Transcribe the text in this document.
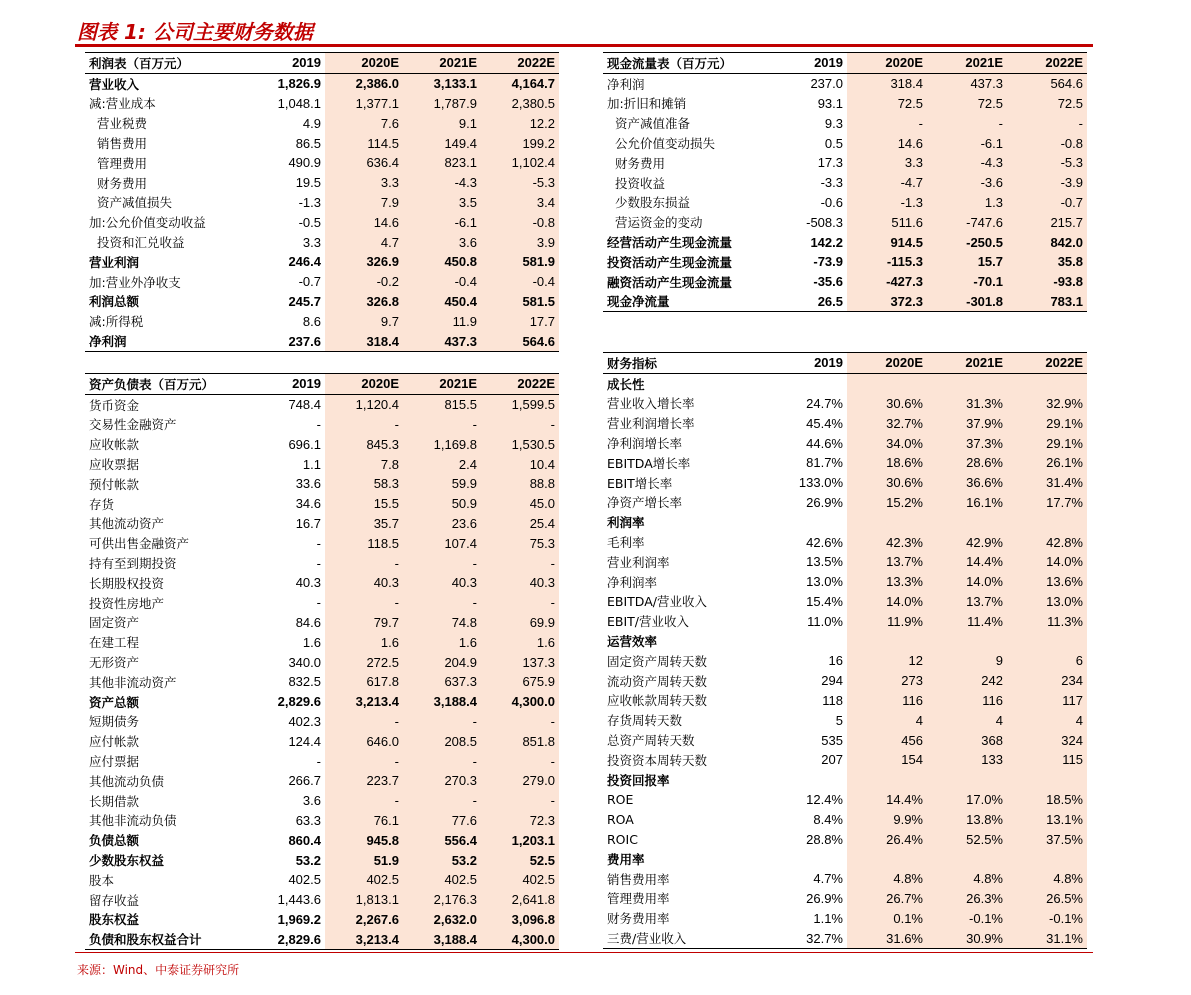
图表 1: 公司主要财务数据
利润表（百万元）	2019	2020E	2021E	2022E
营业收入	1,826.9	2,386.0	3,133.1	4,164.7
减:营业成本	1,048.1	1,377.1	1,787.9	2,380.5
营业税费	4.9	7.6	9.1	12.2
销售费用	86.5	114.5	149.4	199.2
管理费用	490.9	636.4	823.1	1,102.4
财务费用	19.5	3.3	-4.3	-5.3
资产减值损失	-1.3	7.9	3.5	3.4
加:公允价值变动收益	-0.5	14.6	-6.1	-0.8
投资和汇兑收益	3.3	4.7	3.6	3.9
营业利润	246.4	326.9	450.8	581.9
加:营业外净收支	-0.7	-0.2	-0.4	-0.4
利润总额	245.7	326.8	450.4	581.5
减:所得税	8.6	9.7	11.9	17.7
净利润	237.6	318.4	437.3	564.6
资产负债表（百万元）	2019	2020E	2021E	2022E
货币资金	748.4	1,120.4	815.5	1,599.5
交易性金融资产	-	-	-	-
应收帐款	696.1	845.3	1,169.8	1,530.5
应收票据	1.1	7.8	2.4	10.4
预付帐款	33.6	58.3	59.9	88.8
存货	34.6	15.5	50.9	45.0
其他流动资产	16.7	35.7	23.6	25.4
可供出售金融资产	-	118.5	107.4	75.3
持有至到期投资	-	-	-	-
长期股权投资	40.3	40.3	40.3	40.3
投资性房地产	-	-	-	-
固定资产	84.6	79.7	74.8	69.9
在建工程	1.6	1.6	1.6	1.6
无形资产	340.0	272.5	204.9	137.3
其他非流动资产	832.5	617.8	637.3	675.9
资产总额	2,829.6	3,213.4	3,188.4	4,300.0
短期债务	402.3	-	-	-
应付帐款	124.4	646.0	208.5	851.8
应付票据	-	-	-	-
其他流动负债	266.7	223.7	270.3	279.0
长期借款	3.6	-	-	-
其他非流动负债	63.3	76.1	77.6	72.3
负债总额	860.4	945.8	556.4	1,203.1
少数股东权益	53.2	51.9	53.2	52.5
股本	402.5	402.5	402.5	402.5
留存收益	1,443.6	1,813.1	2,176.3	2,641.8
股东权益	1,969.2	2,267.6	2,632.0	3,096.8
负债和股东权益合计	2,829.6	3,213.4	3,188.4	4,300.0
现金流量表（百万元）	2019	2020E	2021E	2022E
净利润	237.0	318.4	437.3	564.6
加:折旧和摊销	93.1	72.5	72.5	72.5
资产减值准备	9.3	-	-	-
公允价值变动损失	0.5	14.6	-6.1	-0.8
财务费用	17.3	3.3	-4.3	-5.3
投资收益	-3.3	-4.7	-3.6	-3.9
少数股东损益	-0.6	-1.3	1.3	-0.7
营运资金的变动	-508.3	511.6	-747.6	215.7
经营活动产生现金流量	142.2	914.5	-250.5	842.0
投资活动产生现金流量	-73.9	-115.3	15.7	35.8
融资活动产生现金流量	-35.6	-427.3	-70.1	-93.8
现金净流量	26.5	372.3	-301.8	783.1
财务指标	2019	2020E	2021E	2022E
成长性				
营业收入增长率	24.7%	30.6%	31.3%	32.9%
营业利润增长率	45.4%	32.7%	37.9%	29.1%
净利润增长率	44.6%	34.0%	37.3%	29.1%
EBITDA增长率	81.7%	18.6%	28.6%	26.1%
EBIT增长率	133.0%	30.6%	36.6%	31.4%
净资产增长率	26.9%	15.2%	16.1%	17.7%
利润率				
毛利率	42.6%	42.3%	42.9%	42.8%
营业利润率	13.5%	13.7%	14.4%	14.0%
净利润率	13.0%	13.3%	14.0%	13.6%
EBITDA/营业收入	15.4%	14.0%	13.7%	13.0%
EBIT/营业收入	11.0%	11.9%	11.4%	11.3%
运营效率				
固定资产周转天数	16	12	9	6
流动资产周转天数	294	273	242	234
应收帐款周转天数	118	116	116	117
存货周转天数	5	4	4	4
总资产周转天数	535	456	368	324
投资资本周转天数	207	154	133	115
投资回报率				
ROE	12.4%	14.4%	17.0%	18.5%
ROA	8.4%	9.9%	13.8%	13.1%
ROIC	28.8%	26.4%	52.5%	37.5%
费用率				
销售费用率	4.7%	4.8%	4.8%	4.8%
管理费用率	26.9%	26.7%	26.3%	26.5%
财务费用率	1.1%	0.1%	-0.1%	-0.1%
三费/营业收入	32.7%	31.6%	30.9%	31.1%
来源：Wind、中泰证券研究所
